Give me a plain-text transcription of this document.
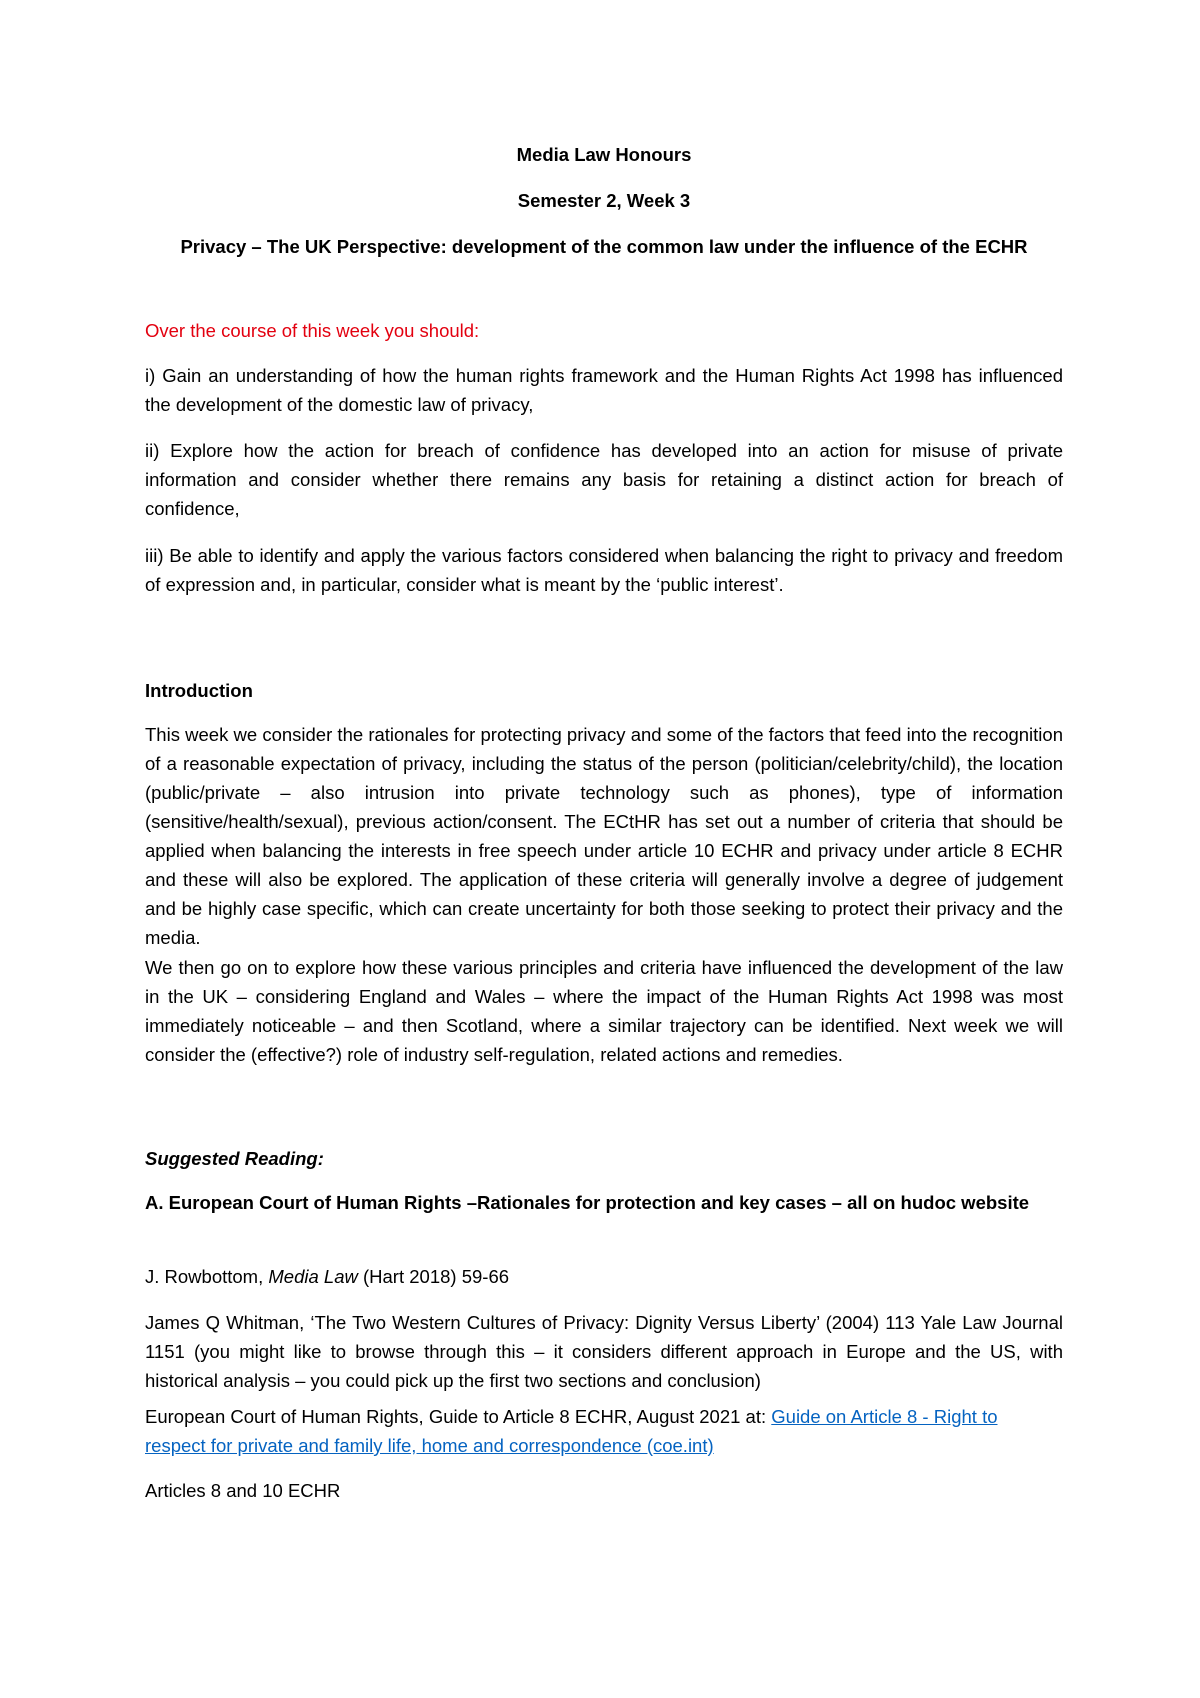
Media Law Honours

Semester 2, Week 3

Privacy – The UK Perspective: development of the common law under the influence of the ECHR

Over the course of this week you should:

i) Gain an understanding of how the human rights framework and the Human Rights Act 1998 has influenced the development of the domestic law of privacy,

ii) Explore how the action for breach of confidence has developed into an action for misuse of private information and consider whether there remains any basis for retaining a distinct action for breach of confidence,

iii) Be able to identify and apply the various factors considered when balancing the right to privacy and freedom of expression and, in particular, consider what is meant by the ‘public interest’.

Introduction

This week we consider the rationales for protecting privacy and some of the factors that feed into the recognition of a reasonable expectation of privacy, including the status of the person (politician/celebrity/child), the location (public/private – also intrusion into private technology such as phones), type of information (sensitive/health/sexual), previous action/consent. The ECtHR has set out a number of criteria that should be applied when balancing the interests in free speech under article 10 ECHR and privacy under article 8 ECHR and these will also be explored. The application of these criteria will generally involve a degree of judgement and be highly case specific, which can create uncertainty for both those seeking to protect their privacy and the media.

We then go on to explore how these various principles and criteria have influenced the development of the law in the UK – considering England and Wales – where the impact of the Human Rights Act 1998 was most immediately noticeable – and then Scotland, where a similar trajectory can be identified. Next week we will consider the (effective?) role of industry self-regulation, related actions and remedies.

Suggested Reading:

A. European Court of Human Rights –Rationales for protection and key cases – all on hudoc website

J. Rowbottom, Media Law (Hart 2018) 59-66

James Q Whitman, ‘The Two Western Cultures of Privacy: Dignity Versus Liberty’ (2004) 113 Yale Law Journal 1151 (you might like to browse through this – it considers different approach in Europe and the US, with historical analysis – you could pick up the first two sections and conclusion)

European Court of Human Rights, Guide to Article 8 ECHR, August 2021 at: Guide on Article 8 - Right to respect for private and family life, home and correspondence (coe.int)

Articles 8 and 10 ECHR
